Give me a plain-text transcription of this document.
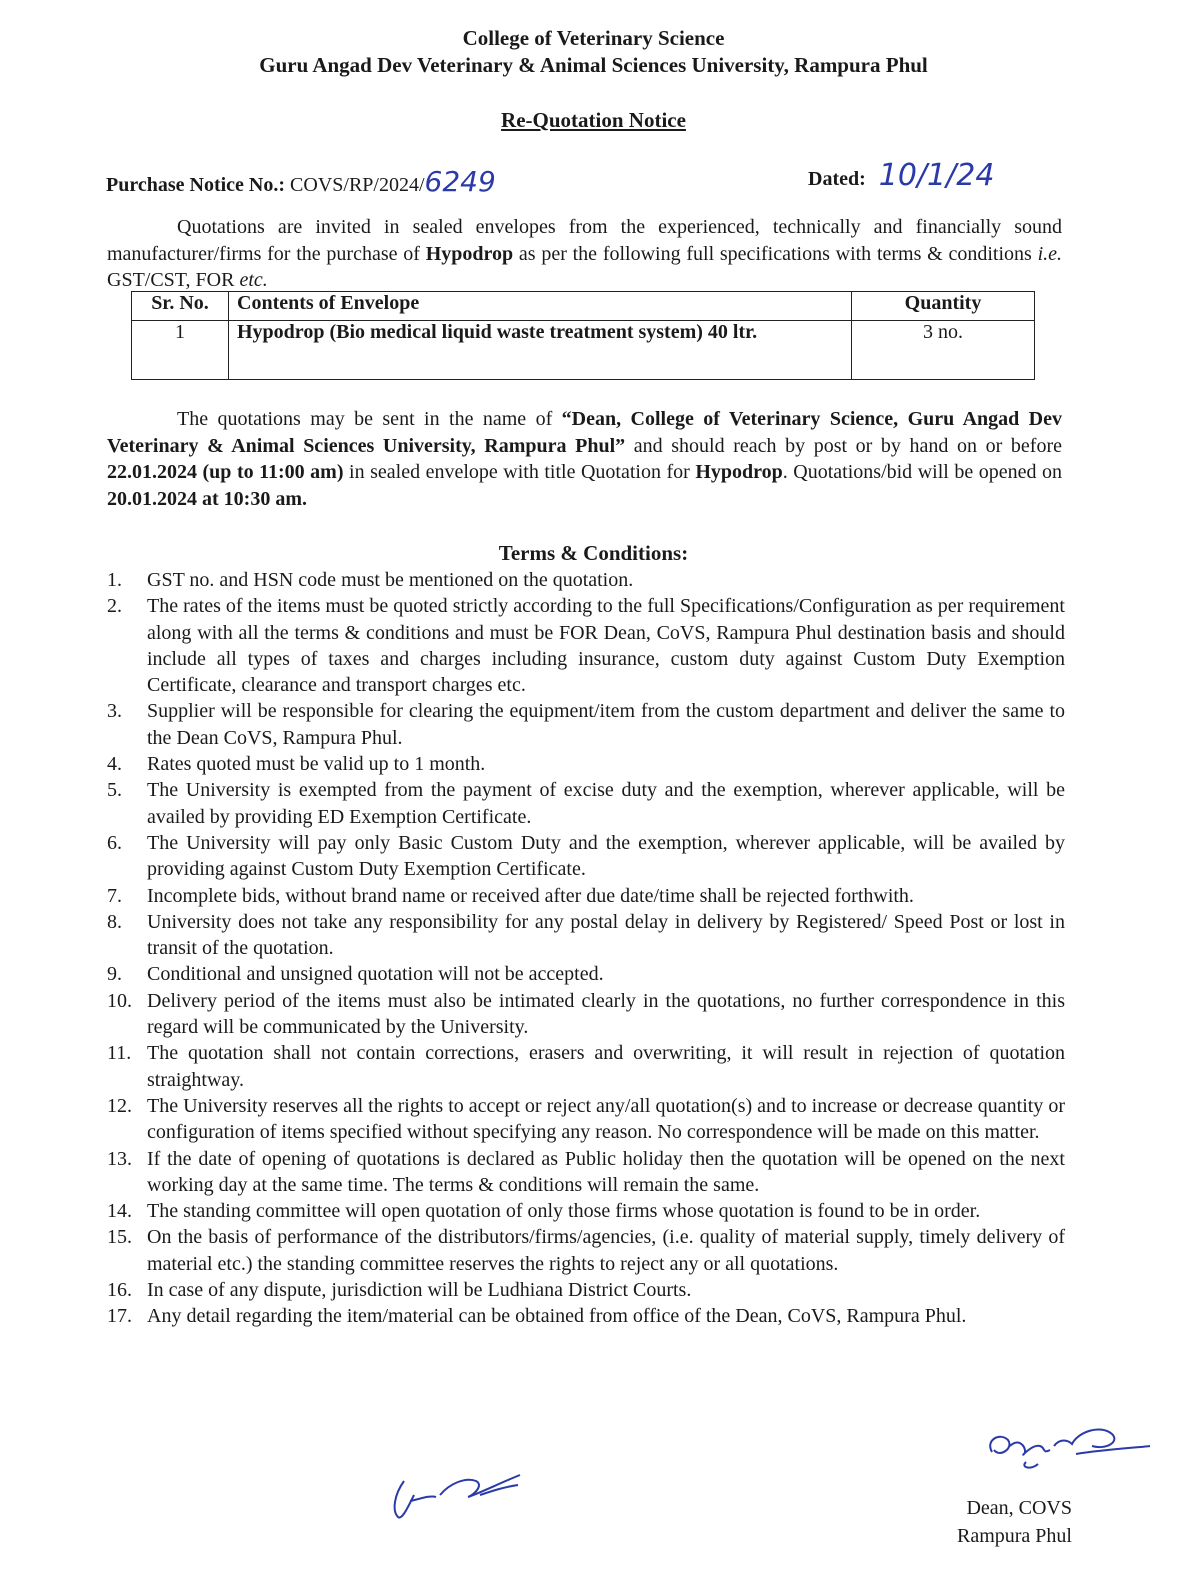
College of Veterinary Science
Guru Angad Dev Veterinary & Animal Sciences University, Rampura Phul
Re-Quotation Notice
Purchase Notice No.: COVS/RP/2024/6249	Dated: 10/1/24
Quotations are invited in sealed envelopes from the experienced, technically and financially sound manufacturer/firms for the purchase of Hypodrop as per the following full specifications with terms & conditions i.e. GST/CST, FOR etc.
Sr. No.	Contents of Envelope	Quantity
1	Hypodrop (Bio medical liquid waste treatment system) 40 ltr.	3 no.
The quotations may be sent in the name of “Dean, College of Veterinary Science, Guru Angad Dev Veterinary & Animal Sciences University, Rampura Phul” and should reach by post or by hand on or before 22.01.2024 (up to 11:00 am) in sealed envelope with title Quotation for Hypodrop. Quotations/bid will be opened on 20.01.2024 at 10:30 am.
Terms & Conditions:
1.	GST no. and HSN code must be mentioned on the quotation.
2.	The rates of the items must be quoted strictly according to the full Specifications/Configuration as per requirement along with all the terms & conditions and must be FOR Dean, CoVS, Rampura Phul destination basis and should include all types of taxes and charges including insurance, custom duty against Custom Duty Exemption Certificate, clearance and transport charges etc.
3.	Supplier will be responsible for clearing the equipment/item from the custom department and deliver the same to the Dean CoVS, Rampura Phul.
4.	Rates quoted must be valid up to 1 month.
5.	The University is exempted from the payment of excise duty and the exemption, wherever applicable, will be availed by providing ED Exemption Certificate.
6.	The University will pay only Basic Custom Duty and the exemption, wherever applicable, will be availed by providing against Custom Duty Exemption Certificate.
7.	Incomplete bids, without brand name or received after due date/time shall be rejected forthwith.
8.	University does not take any responsibility for any postal delay in delivery by Registered/ Speed Post or lost in transit of the quotation.
9.	Conditional and unsigned quotation will not be accepted.
10. Delivery period of the items must also be intimated clearly in the quotations, no further correspondence in this regard will be communicated by the University.
11. The quotation shall not contain corrections, erasers and overwriting, it will result in rejection of quotation straightway.
12. The University reserves all the rights to accept or reject any/all quotation(s) and to increase or decrease quantity or configuration of items specified without specifying any reason. No correspondence will be made on this matter.
13. If the date of opening of quotations is declared as Public holiday then the quotation will be opened on the next working day at the same time. The terms & conditions will remain the same.
14. The standing committee will open quotation of only those firms whose quotation is found to be in order.
15. On the basis of performance of the distributors/firms/agencies, (i.e. quality of material supply, timely delivery of material etc.) the standing committee reserves the rights to reject any or all quotations.
16. In case of any dispute, jurisdiction will be Ludhiana District Courts.
17. Any detail regarding the item/material can be obtained from office of the Dean, CoVS, Rampura Phul.
Dean, COVS
Rampura Phul
